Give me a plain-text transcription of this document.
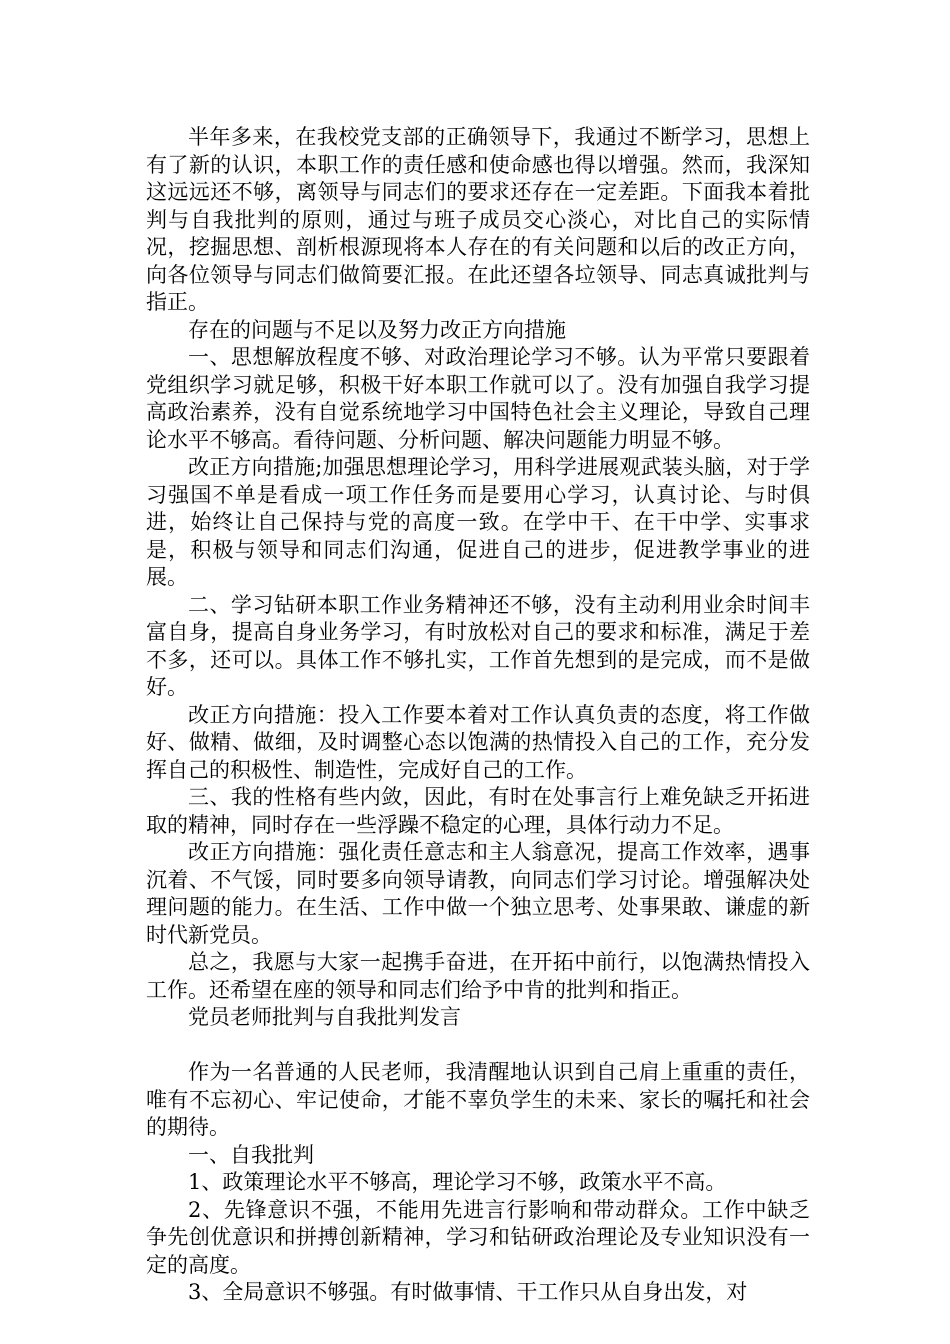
半年多来，在我校党支部的正确领导下，我通过不断学习，思想上有了新的认识，本职工作的责任感和使命感也得以增强。然而，我深知这远远还不够，离领导与同志们的要求还存在一定差距。下面我本着批判与自我批判的原则，通过与班子成员交心淡心，对比自己的实际情况，挖掘思想、剖析根源现将本人存在的有关问题和以后的改正方向，向各位领导与同志们做简要汇报。在此还望各垃领导、同志真诚批判与指正。

存在的问题与不足以及努力改正方向措施

一、思想解放程度不够、对政治理论学习不够。认为平常只要跟着党组织学习就足够，积极干好本职工作就可以了。没有加强自我学习提高政治素养，没有自觉系统地学习中国特色社会主义理论，导致自己理论水平不够高。看待问题、分析问题、解决问题能力明显不够。

改正方向措施;加强思想理论学习，用科学进展观武装头脑，对于学习强国不单是看成一项工作任务而是要用心学习，认真讨论、与时俱进，始终让自己保持与党的高度一致。在学中干、在干中学、实事求是，积极与领导和同志们沟通，促进自己的进步，促进教学事业的进展。

二、学习钻研本职工作业务精神还不够，没有主动利用业余时间丰富自身，提高自身业务学习，有时放松对自己的要求和标准，满足于差不多，还可以。具体工作不够扎实，工作首先想到的是完成，而不是做好。

改正方向措施：投入工作要本着对工作认真负责的态度，将工作做好、做精、做细，及时调整心态以饱满的热情投入自己的工作，充分发挥自己的积极性、制造性，完成好自己的工作。

三、我的性格有些内敛，因此，有时在处事言行上难免缺乏开拓进取的精神，同时存在一些浮躁不稳定的心理，具体行动力不足。

改正方向措施：强化责任意志和主人翁意况，提高工作效率，遇事沉着、不气馁，同时要多向领导请教，向同志们学习讨论。增强解决处理问题的能力。在生活、工作中做一个独立思考、处事果敢、谦虚的新时代新党员。

总之，我愿与大家一起携手奋进，在开拓中前行，以饱满热情投入工作。还希望在座的领导和同志们给予中肯的批判和指正。

党员老师批判与自我批判发言

作为一名普通的人民老师，我清醒地认识到自己肩上重重的责任，唯有不忘初心、牢记使命，才能不辜负学生的未来、家长的嘱托和社会的期待。

一、自我批判

1、政策理论水平不够高，理论学习不够，政策水平不高。

2、先锋意识不强，不能用先进言行影响和带动群众。工作中缺乏争先创优意识和拼搏创新精神，学习和钻研政治理论及专业知识没有一定的高度。

3、全局意识不够强。有时做事情、干工作只从自身出发，对
